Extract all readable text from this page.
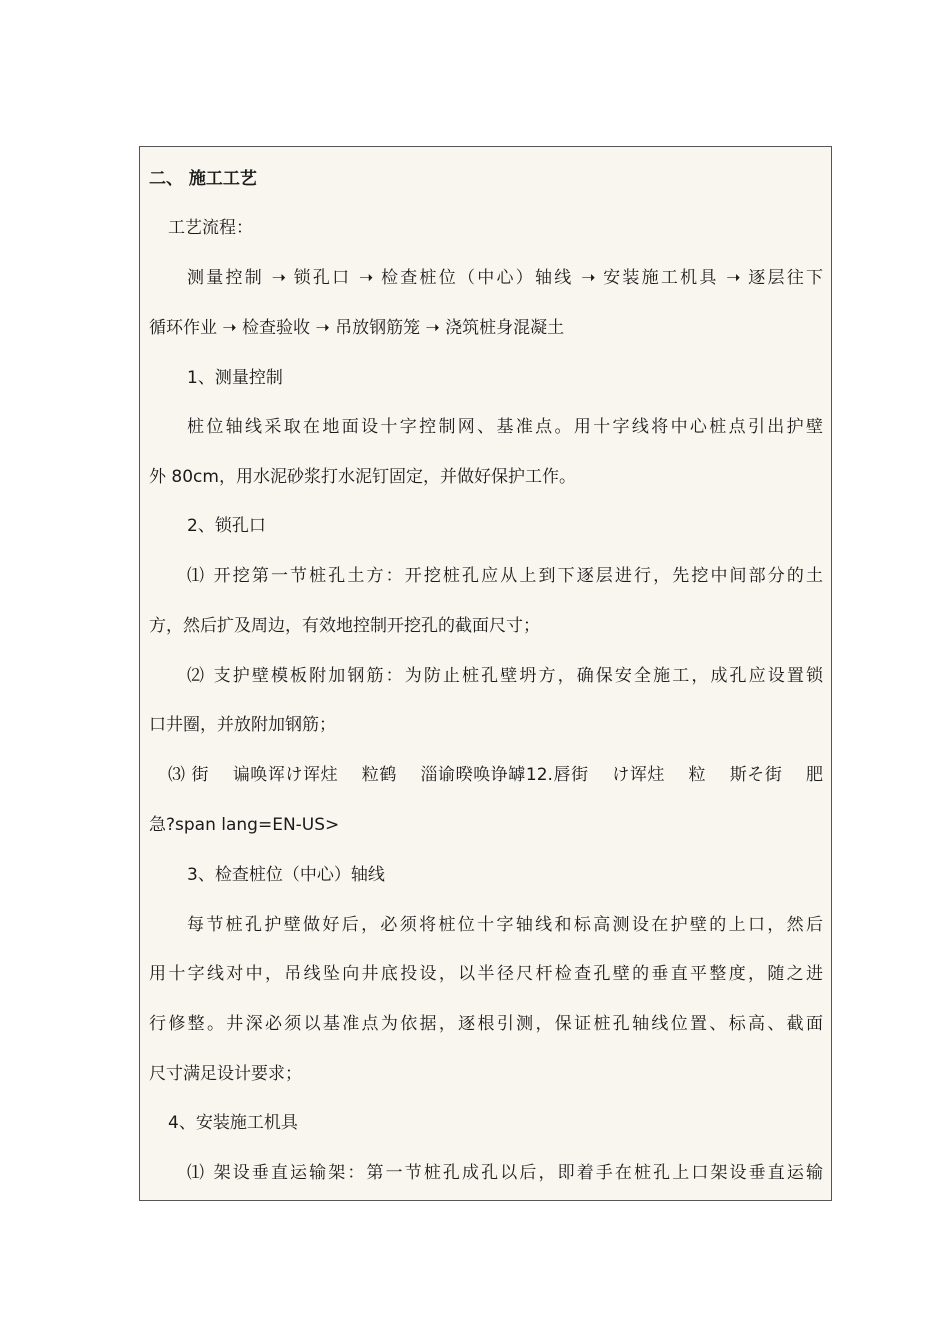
二、 施工工艺
工艺流程：
测量控制 ➝ 锁孔口 ➝ 检查桩位（中心）轴线 ➝ 安装施工机具 ➝ 逐层往下
循环作业 ➝ 检查验收 ➝ 吊放钢筋笼 ➝ 浇筑桩身混凝土
1、测量控制
桩位轴线采取在地面设十字控制网、基准点。用十字线将中心桩点引出护壁
外 80cm，用水泥砂浆打水泥钉固定，并做好保护工作。
2、锁孔口
⑴ 开挖第一节桩孔土方：开挖桩孔应从上到下逐层进行，先挖中间部分的土
方，然后扩及周边，有效地控制开挖孔的截面尺寸；
⑵ 支护壁模板附加钢筋：为防止桩孔壁坍方，确保安全施工，成孔应设置锁
口井圈，并放附加钢筋；
⑶ 街　 谝唤诨け诨炷　 粒鹤　 淄谕暌唤诤罅12.唇街　 け诨炷　 粒　 斯そ街　 肥
急?span lang=EN-US>
3、检查桩位（中心）轴线
每节桩孔护壁做好后，必须将桩位十字轴线和标高测设在护壁的上口，然后
用十字线对中，吊线坠向井底投设，以半径尺杆检查孔壁的垂直平整度，随之进
行修整。井深必须以基准点为依据，逐根引测，保证桩孔轴线位置、标高、截面
尺寸满足设计要求；
4、安装施工机具
⑴ 架设垂直运输架：第一节桩孔成孔以后，即着手在桩孔上口架设垂直运输
